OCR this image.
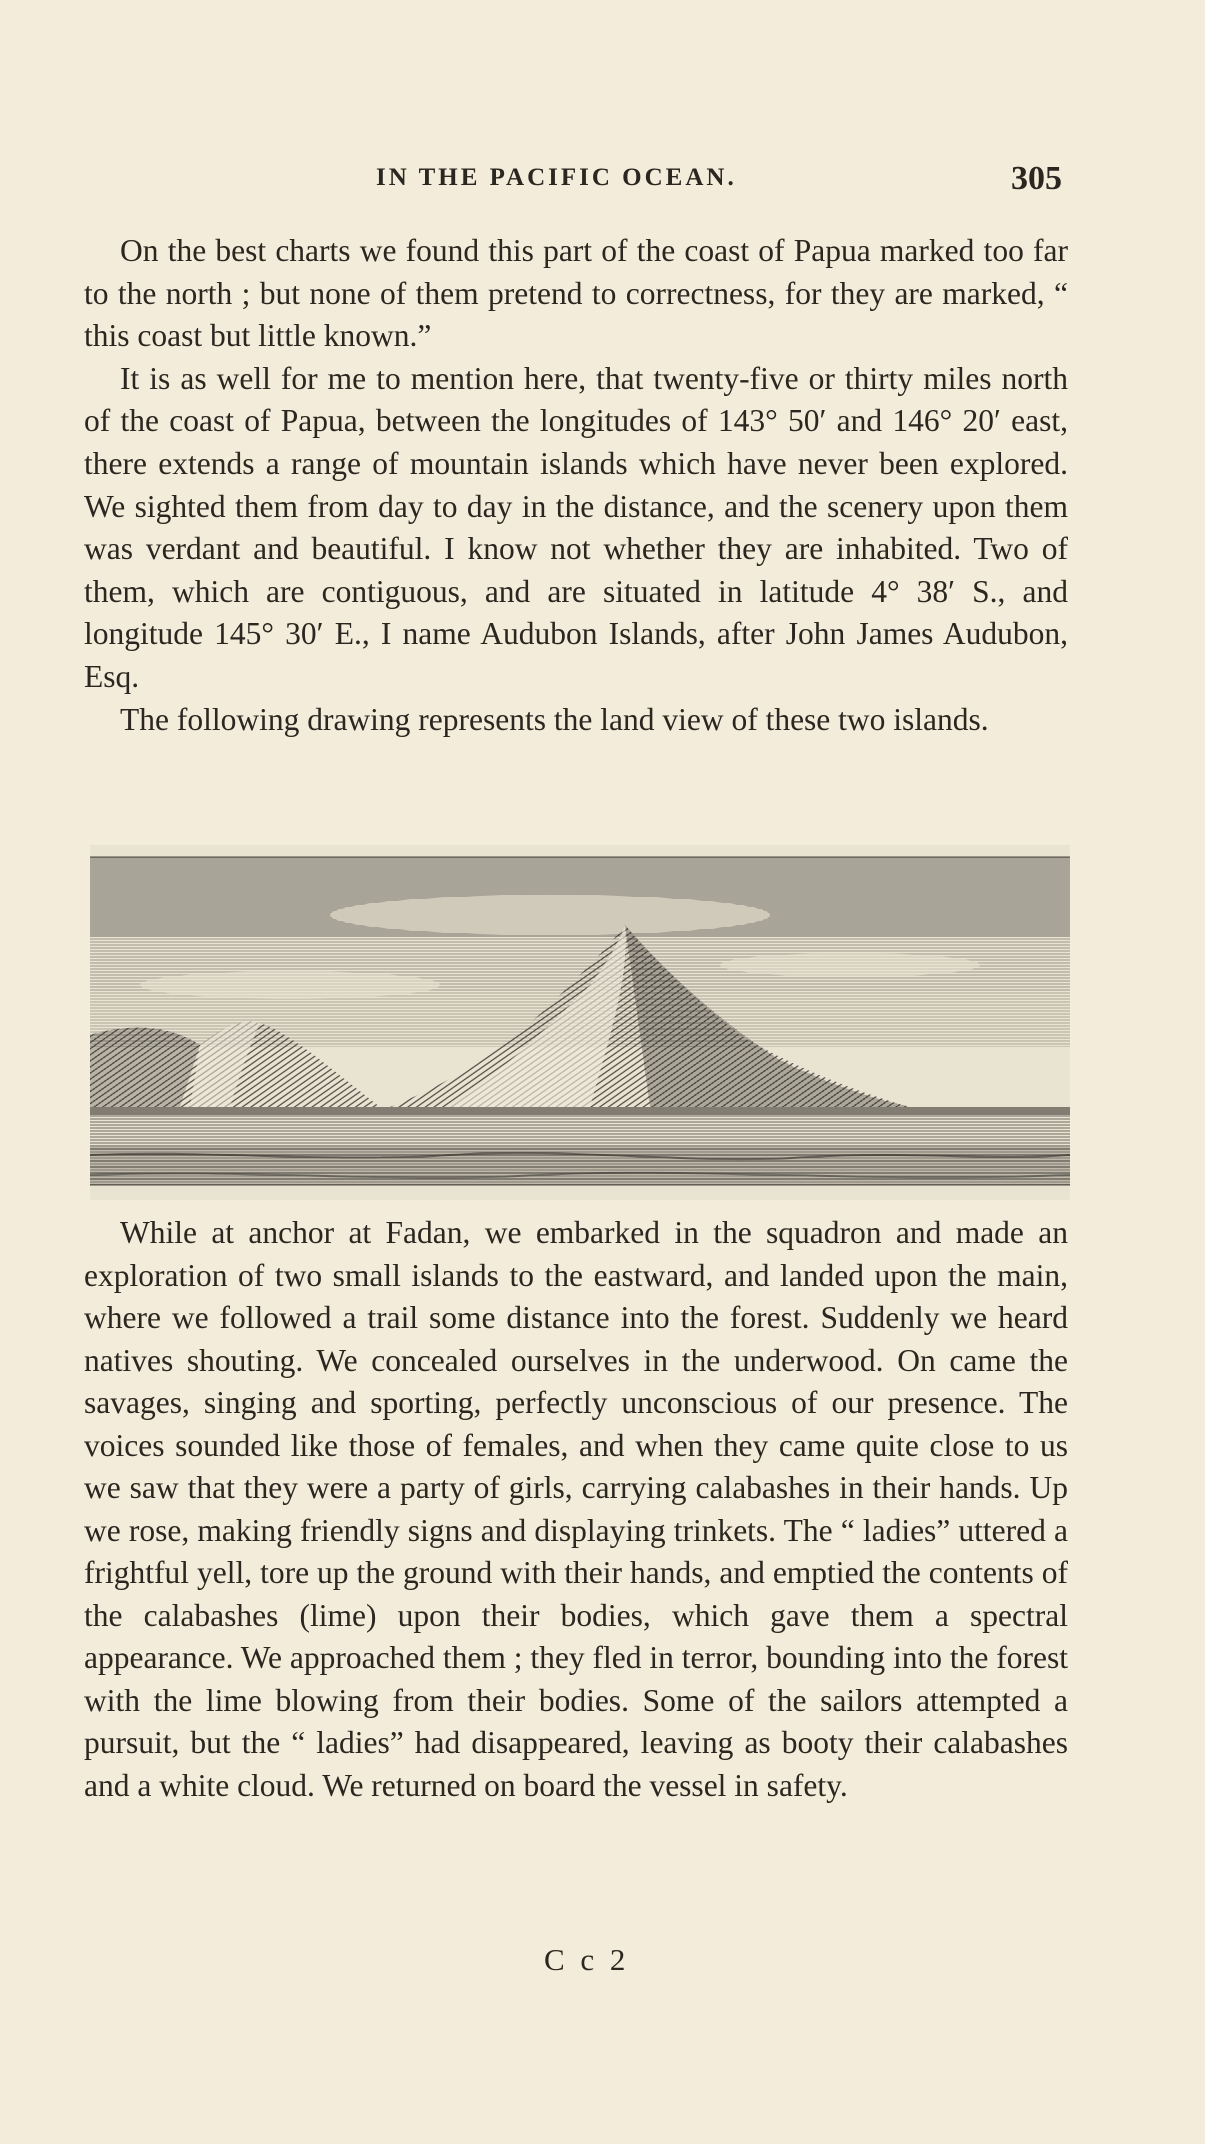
IN THE PACIFIC OCEAN.	305

On the best charts we found this part of the coast of Papua marked too far to the north ; but none of them pretend to correctness, for they are marked, “ this coast but little known.”

It is as well for me to mention here, that twenty-five or thirty miles north of the coast of Papua, between the longitudes of 143° 50′ and 146° 20′ east, there extends a range of mountain islands which have never been explored. We sighted them from day to day in the distance, and the scenery upon them was verdant and beautiful. I know not whether they are inhabited. Two of them, which are contiguous, and are situated in latitude 4° 38′ S., and longitude 145° 30′ E., I name Audubon Islands, after John James Audubon, Esq.

The following drawing represents the land view of these two islands.

While at anchor at Fadan, we embarked in the squadron and made an exploration of two small islands to the eastward, and landed upon the main, where we followed a trail some distance into the forest. Suddenly we heard natives shouting. We concealed ourselves in the underwood. On came the savages, singing and sporting, perfectly unconscious of our presence. The voices sounded like those of females, and when they came quite close to us we saw that they were a party of girls, carrying calabashes in their hands. Up we rose, making friendly signs and displaying trinkets. The “ ladies” uttered a frightful yell, tore up the ground with their hands, and emptied the contents of the calabashes (lime) upon their bodies, which gave them a spectral appearance. We approached them ; they fled in terror, bounding into the forest with the lime blowing from their bodies. Some of the sailors attempted a pursuit, but the “ ladies” had disappeared, leaving as booty their calabashes and a white cloud. We returned on board the vessel in safety.

C c 2
